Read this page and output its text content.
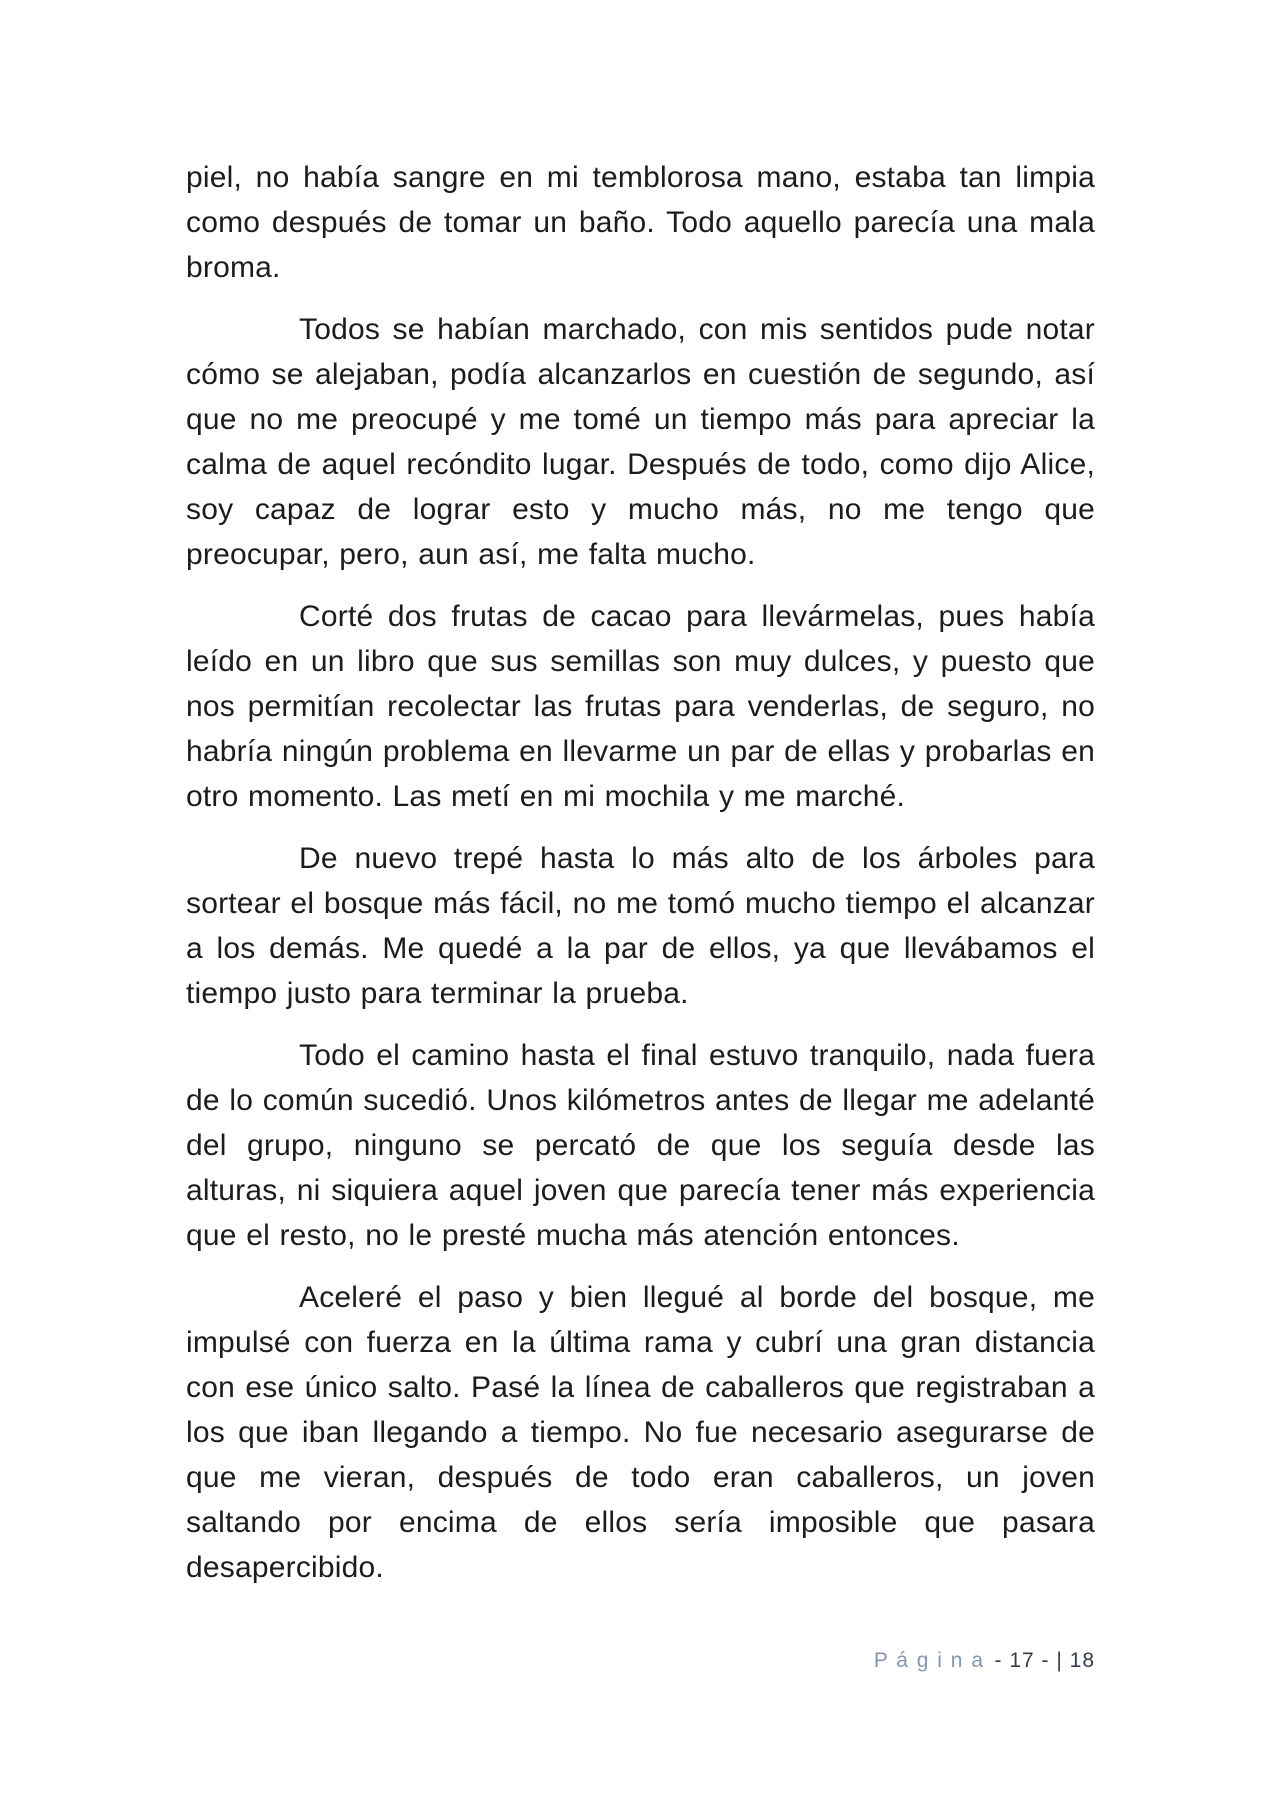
piel, no había sangre en mi temblorosa mano, estaba tan limpia como después de tomar un baño. Todo aquello parecía una mala broma.

Todos se habían marchado, con mis sentidos pude notar cómo se alejaban, podía alcanzarlos en cuestión de segundo, así que no me preocupé y me tomé un tiempo más para apreciar la calma de aquel recóndito lugar. Después de todo, como dijo Alice, soy capaz de lograr esto y mucho más, no me tengo que preocupar, pero, aun así, me falta mucho.

Corté dos frutas de cacao para llevármelas, pues había leído en un libro que sus semillas son muy dulces, y puesto que nos permitían recolectar las frutas para venderlas, de seguro, no habría ningún problema en llevarme un par de ellas y probarlas en otro momento. Las metí en mi mochila y me marché.

De nuevo trepé hasta lo más alto de los árboles para sortear el bosque más fácil, no me tomó mucho tiempo el alcanzar a los demás. Me quedé a la par de ellos, ya que llevábamos el tiempo justo para terminar la prueba.

Todo el camino hasta el final estuvo tranquilo, nada fuera de lo común sucedió. Unos kilómetros antes de llegar me adelanté del grupo, ninguno se percató de que los seguía desde las alturas, ni siquiera aquel joven que parecía tener más experiencia que el resto, no le presté mucha más atención entonces.

Aceleré el paso y bien llegué al borde del bosque, me impulsé con fuerza en la última rama y cubrí una gran distancia con ese único salto. Pasé la línea de caballeros que registraban a los que iban llegando a tiempo. No fue necesario asegurarse de que me vieran, después de todo eran caballeros, un joven saltando por encima de ellos sería imposible que pasara desapercibido.

P á g i n a - 17 - | 18
